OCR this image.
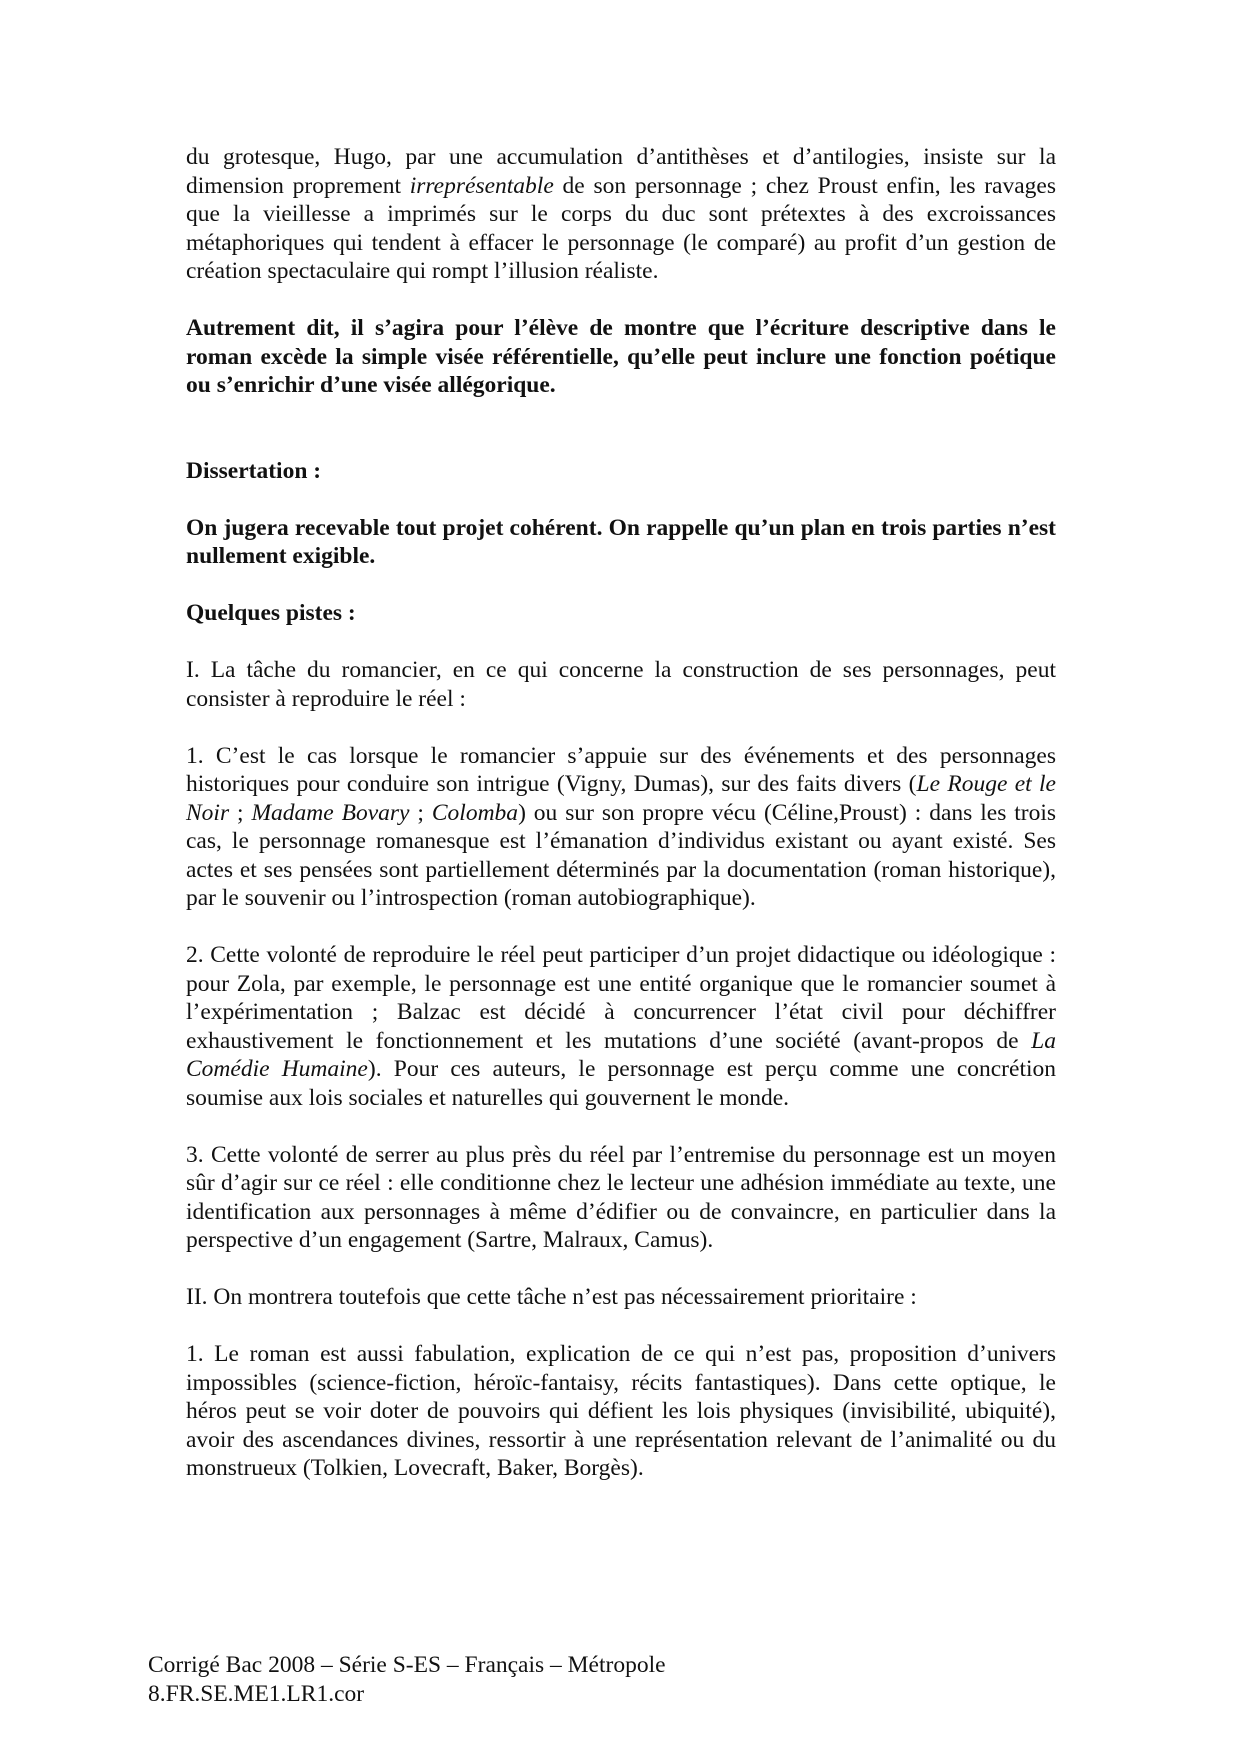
du grotesque, Hugo, par une accumulation d’antithèses et d’antilogies, insiste sur la dimension proprement irreprésentable de son personnage ; chez Proust enfin, les ravages que la vieillesse a imprimés sur le corps du duc sont prétextes à des excroissances métaphoriques qui tendent à effacer le personnage (le comparé) au profit d’un gestion de création spectaculaire qui rompt l’illusion réaliste.

Autrement dit, il s’agira pour l’élève de montre que l’écriture descriptive dans le roman excède la simple visée référentielle, qu’elle peut inclure une fonction poétique ou s’enrichir d’une visée allégorique.

Dissertation :

On jugera recevable tout projet cohérent. On rappelle qu’un plan en trois parties n’est nullement exigible.

Quelques pistes :

I. La tâche du romancier, en ce qui concerne la construction de ses personnages, peut consister à reproduire le réel :

1. C’est le cas lorsque le romancier s’appuie sur des événements et des personnages historiques pour conduire son intrigue (Vigny, Dumas), sur des faits divers (Le Rouge et le Noir ; Madame Bovary ; Colomba) ou sur son propre vécu (Céline,Proust) : dans les trois cas, le personnage romanesque est l’émanation d’individus existant ou ayant existé. Ses actes et ses pensées sont partiellement déterminés par la documentation (roman historique), par le souvenir ou l’introspection (roman autobiographique).

2. Cette volonté de reproduire le réel peut participer d’un projet didactique ou idéologique : pour Zola, par exemple, le personnage est une entité organique que le romancier soumet à l’expérimentation ; Balzac est décidé à concurrencer l’état civil pour déchiffrer exhaustivement le fonctionnement et les mutations d’une société (avant-propos de La Comédie Humaine). Pour ces auteurs, le personnage est perçu comme une concrétion soumise aux lois sociales et naturelles qui gouvernent le monde.

3. Cette volonté de serrer au plus près du réel par l’entremise du personnage est un moyen sûr d’agir sur ce réel : elle conditionne chez le lecteur une adhésion immédiate au texte, une identification aux personnages à même d’édifier ou de convaincre, en particulier dans la perspective d’un engagement (Sartre, Malraux, Camus).

II. On montrera toutefois que cette tâche n’est pas nécessairement prioritaire :

1. Le roman est aussi fabulation, explication de ce qui n’est pas, proposition d’univers impossibles (science-fiction, héroïc-fantaisy, récits fantastiques). Dans cette optique, le héros peut se voir doter de pouvoirs qui défient les lois physiques (invisibilité, ubiquité), avoir des ascendances divines, ressortir à une représentation relevant de l’animalité ou du monstrueux (Tolkien, Lovecraft, Baker, Borgès).

Corrigé Bac 2008 – Série S-ES – Français – Métropole
8.FR.SE.ME1.LR1.cor
